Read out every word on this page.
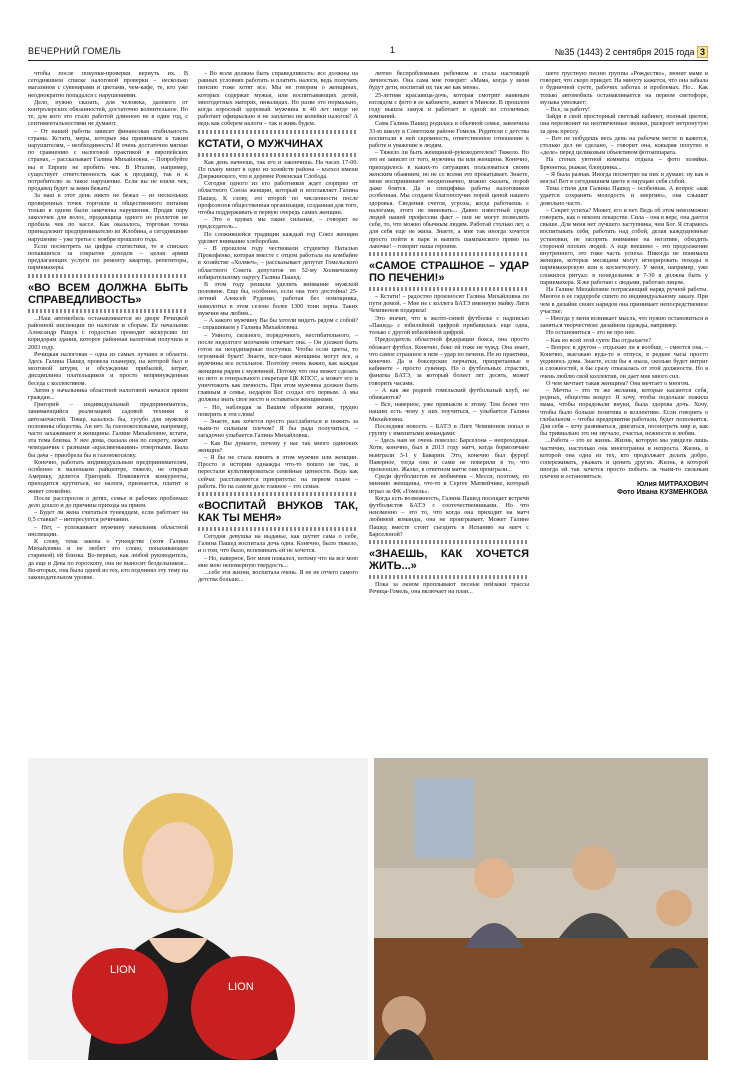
ВЕЧЕРНИЙ ГОМЕЛЬ	1	№35 (1443) 2 сентября 2015 года 3

чтобы после покупки-проверки вернуть их. В сегодняшнем списке налоговой проверки – несколько магазинов с сувенирами и цветами, чем-кафе, те, кто уже неоднократно попадался с нарушениями.

Дело, нужно сказать, для человека, далекого от контролерских обязанностей, достаточно волнительное. Но те, для кого это стало работой длинною не в один год, с сентиментальностями не думают.

– От нашей работы зависит финансовая стабильность страны. Кстати, меры, которые мы принимаем к таким нарушителям, – необходимость! И очень достаточно мягкие по сравнению с налоговой практикой в европейских странах, – рассказывает Галина Михайловна. – Попробуйте вы в Европе не пробить чек. В Италии, например, существует ответственность как к продавцу, так и к потребителю за такое нарушение. Если вы не взяли чек, продавец будет за вами бежать!

За наш в этот день никто не бежал – из нескольких проверенных точек торговли и общественного питания только в одном были замечены нарушения. Продав пару заколочек для волос, продавщица одного из роллетов не пробила чек по кассе. Как оказалось, торговая точка принадлежит предпринимателю из Жлобина, а сегодняшние нарушение – уже третье с ноября прошлого года.

Если посмотреть на цифры статистики, то в списках попавшихся за сокрытие доходов – целая армия предлагающих услуги по ремонту квартир, репетиторы, парикмахеры.

«ВО ВСЕМ ДОЛЖНА БЫТЬ СПРАВЕДЛИВОСТЬ»

...Наш автомобиль останавливается во дворе Речицкой районной инспекции по налогам и сборам. Ее начальник Александр Ращук с гордостью проводит экскурсию по коридорам здания, которое районная налоговая получила в 2003 году.

Речицкая налоговая – одна из самых лучших в области. Здесь Галина Пашед провела планерку, на которой был и мозговой штурм, и обсуждение прибылей, затрат, дисциплины плательщиков и просто непринужденная беседа с коллективом.

Затем у начальника областной налоговой начался прием граждан...

Григорий – индивидуальный предприниматель, занимающийся реализацией садовой техники и автозапчастей. Товар, казалось бы, сугубо для мужской половины общества. Ан нет. За газонокосилками, например, часто захаживают и женщины. Галине Михайловне, кстати, эта тема близка. У нее дома, сказала она по секрету, лежит чемоданчик с разными «красивенькими» отвертками. Была бы дача – приобрела бы и газонокосилку.

Конечно, работать индивидуальным предпринимателям, особенно в маленьком райцентре, тяжело, не открыв Америку, делится Григорий. Появляются конкуренты, приходится крутиться, но налоги, признается, платит и живет спокойно.

После расспросов о детях, семье и рабочих проблемах дело дошло и до причины прихода на прием.

– Будет ли жена считаться тунеядцем, если работает на 0,5 ставки? – интересуется речичанин.

– Нет, – успокаивает мужчину начальник областной инспекции.

К слову, тема закона о тунеядстве (хотя Галина Михайловна и не любит это слово, попахивающее стариной) ей близка. Во-первых, как любой руководитель, да еще и Дева по гороскопу, она не выносит бездельников... Во-вторых, она была одной из тех, кто подчинял эту тему на законодательном уровне.

– Во всем должна быть справедливость: все должны на равных условиях работать и платить налоги, ведь получать пенсию тоже хотят все. Мы не говорим о женщинах, которых содержат мужья, или воспитывающих детей, многодетных матерях, инвалидах. Но разве это нормально, когда взрослый здоровый мужчина в 40 лет нигде не работает официально и не заплатил ни копейки налогов? А ведь как соберем налоги – так и живь будем.

КСТАТИ, О МУЖЧИНАХ

Как день начнешь, так его и закончишь. На часах 17-00. По плану визит в одно из хозяйств района – колхоз имени Дзержинского, что в деревне Ровенская Слобода.

Сегодня одного из его работников ждет сюрприз от областного Союза женщин, который и возглавляет Галина Пашед. К слову, это второй по численности после профсоюзов общественная организация, созданная для того, чтобы поддерживать в первую очередь самих женщин.

– Это о вдовах мы такие сильные, – говорит ее председатель...

По сложившейся традиции каждый год Союз женщин уделяет внимание хлеборобам.

– В прошлом году чествовали студентку Наталью Прокофенко, которая вместе с отцом работала на комбайне в хозяйстве «Холмеч», – рассказывает депутат Гомельского областного Совета депутатов по 52-му Холмечскому избирательному округу Галина Пашед.

В этом году решили уделить внимание мужской половине. Еще бы, особенно, если она того достойна! 25-летний Алексей Руденко, работая без помощника, намолотил в этом сезоне более 1300 тонн зерна. Таких мужчин мы любим...

– А какого мужчину Вы бы хотели видеть рядом с собой? – спрашиваем у Галины Михайловны.

– Умного, сильного, порядочного, несгибательного, – после недолгого молчания отвечает она. – Он должен быть готов на неординарные поступки. Чтобы если цветы, то огромный букет! Знаете, все-таки женщины могут все, а мужчины все остальное. Поэтому очень важно, как каждая женщина рядом с мужчиной. Потому что она может сделать из него и генерального секретаря ЦК КПСС, а может его и уничтожить как личность. При этом мужчина должен быть главным в семье, недаром Бог создал его первым. А мы должны знать свое место и оставаться женщинами.

– Но, наблюдая за Вашим образом жизни, трудно поверить в эти слова!

– Знаете, как хочется просто расслабиться и пожить за чьим-то сильным плечом? Я бы рада получиться, – загадочно улыбается Галина Михайловна.

– Как Вы думаете, почему у нас так много одиноких женщин?

– Я бы не стала винить в этом мужчин или женщин. Просто в истории однажды что-то пошло не так, и перестали культивироваться семейные ценности. Ведь как сейчас расставляются приоритеты: на первом плане – работа. Но на самом деле главное – это семья.

«ВОСПИТАЙ ВНУКОВ ТАК, КАК ТЫ МЕНЯ»

Сегодня девушка на выданье, как шутит сама о себе, Галина Пашед воспитала дочь одна. Конечно, было тяжело, и о том, что было, вспоминать ей не хочется.

– Но, наверное, Бог меня пожалел, потому что на все мою мне мою непомерную твердость...

...себе эти жизни, воспитала очень. Я не не отчего самого детства больше...

лютно беспроблемным ребенком и стала настоящей личностью. Она сама мне говорит: «Мама, когда у меня будут дети, воспитай их так же как меня».

25-летняя красавица-дочь, которая смотрит наивным взглядом с фото в ее кабинете, живет в Минске. В прошлом году вышла замуж и работает в одной из столичных компаний.

Сама Галина Пашед родилась в обычной семье, закончила 33-ю школу в Советском районе Гомеля. Родители с детства воспитали в ней скромность, ответственное отношение к работе и уважение к людям.

– Тяжело ли быть женщиной-руководителем? Тяжело. Но это не зависит от того, мужчина ты или женщина. Конечно, приходилось в каких-то ситуациях пользоваться своим женским обаянием, но не со всеми это прокатывает. Знаете, меня воспринимают неоднозначно, можно сказать, порой даже боятся. Да и специфика работы налоговиков особенная. Мы создаем благополучие порой ценой нашего здоровья. Сведения счетов, угрозы, когда работаешь с налогами, этого не миновать... Давно известный среди людей нашей профессии факт – они не могут позволить себе, то, что можно обычным людям. Работай столько лет, а для себя еще не жила. Знаете, а мне так иногда хочется просто пойти в парк и выпить шампанского прямо на лавочке! – говорит наша героиня.

«САМОЕ СТРАШНОЕ – УДАР ПО ПЕЧЕНИ!»

– Кстати! – радостно произносит Галина Михайловна по пути домой. – Мне не с коллега БАТЭ именную майку Лиги Чемпионов подарила!

Это значит, что к желто-синей футболке с надписью «Пашед» с юбилейной цифрой прибавилась еще одна, только с другой юбилейной цифрой.

Председатель областной федерации бокса, она просто обожает футбол. Конечно, бокс ей тоже не чужд. Она знает, что самое страшное в нем – удар по печени. Не из практики, конечно. Да и боксерские перчатки, припрятанные в кабинете – просто сувенир. Но о футбольных страстях, фанатка БАТЭ, за который болеет лет десять, может говорить часами.

– А как же родной гомельский футбольный клуб, не обижаются?

– Все, наверное, уже привыкли к этому. Тем более что нашим есть чему у них поучиться, – улыбается Галина Михайловна.

Последняя новость – БАТЭ в Лиге Чемпионов попал в группу с именитыми командами:

– Здесь нам не очень повезло: Барселона – непроходная. Хотя, конечно, был в 2013 году матч, когда борисовчане выиграли 3-1 у Баварии. Это, конечно был фурор! Наверное, тогда они и сами не поверили в то, что произошло. Жалко, в ответном матче они проиграли...

Среди футболистов ее любимчик – Месси, поэтому, по мнению женщины, что-то в Сергее Матвейчике, который играл за ФК «Гомель».

Когда есть возможность, Галина Пашед посещает встречи футболистов БАТЭ с соотечественниками. Но что неизменно – это то, что когда она приходит на матч любимой команды, она не проигрывает. Может Галине Пашед вместе стоит съездить в Испанию на матч с Барселоной?

«ЗНАЕШЬ, КАК ХОЧЕТСЯ ЖИТЬ...»

Пока за окном проплывают песные пейзажи трассы Речица-Гомель, она включает на план...

шете грустную песню группы «Рождество», звонит маме и говорит, что скоро приедет. На минуту кажется, что она забыла о будничной суете, рабочих заботах и проблемах. Но... Как только автомобиль останавливается на первом светофоре, музыка умолкает:

– Все, за работу!

Зайдя в свой просторный светлый кабинет, полный цветов, она перезвонит на неотвеченные звонки, раскроет нетронутую за день прессу.

– Вот не побудешь весь день на рабочем месте и кажется, столько дел не сделано, – говорит она, ковыряя попутно в «деле» перед целиковым объективом фотоаппарата.

На стенах уютной комнаты отдыха – фото хозяйки. Брюнетка, рыжая, блондинка...

– Я была разная. Иногда посмотрю на них и думаю: ну как я могла! Вот в сегодняшнем цвете я ощущаю себя собой.

Тема стиля для Галины Пашед – особенная. А вопрос «как удается сохранять молодость и энергию», она слышит довольно часто.

– Секрет успеха? Может, его и нет. Ведь об этом невозможно говорить, как о некоем лекарстве. Сила – она в вере, она дается свыше. Для меня нет лучшего заступника, чем Бог. Я стараюсь воспитывать себя, работать над собой, делая каждодневные установки, не засорять внимание на негативе, обходить стороной плохих людей. А еще внешнее – это продолжение внутреннего, это тоже часть успеха. Никогда не понимала женщин, которые месяцами могут игнорировать походы в парикмахерскую или к косметологу. У меня, например, уже сложился ритуал: в понедельник в 7-30 я должна быть у парикмахера. Я же работаю с людьми, работаю лицом.

На Галине Михайловне потрясающий наряд ручной работы. Многое в ее гардеробе сшито по индивидуальному заказу. При чем в дизайне своих нарядов она принимает непосредственное участие:

– Иногда у меня возникает мысль, что нужно остановиться и заняться творчеством: дизайном одежды, например.

Но остановиться – это не про нее.

– Как во всей этой суете Вы отдыхаете?

– Вопрос в другом – отдыхаю ли я вообще, – смеется она. – Конечно, выезжаю куда-то в отпуск, в редкие часы просто уединюсь дома. Знаете, если бы я знала, сколько будет интриг и сложностей, я бы сразу отказалась от этой должности. Но я очень люблю свой коллектив, он дает мне много сил.

О чем мечтает такая женщина? Она мечтает о многом.

– Мечты – это те же желания, которые касаются себя, родных, общества вокруг. Я хочу, чтобы подольше пожила мама, чтобы порадовали внуки, была здорова дочь. Хочу, чтобы было больше позитива в коллективе. Если говорить о глобальном – чтобы предприятия работали, будет пополнятся. Для себя – хочу развиваться, двигаться, посмотреть мир и, как бы тривиально это ни звучало, счастья, нежности и любви.

...Работа – это ее жизнь. Жизнь, которую мы увидели лишь частично, настолько она многогранна и непроста. Жизнь, в которой она одна из тех, кто продолжает делать добро, сопереживать, уважать и ценить других. Жизнь, в которой иногда ей так хочется просто побыть за чьим-то сильным плечом и остановиться.

Юлия МИТРАХОВИЧ
Фото Ивана КУЗМЕНКОВА
LION
LION
